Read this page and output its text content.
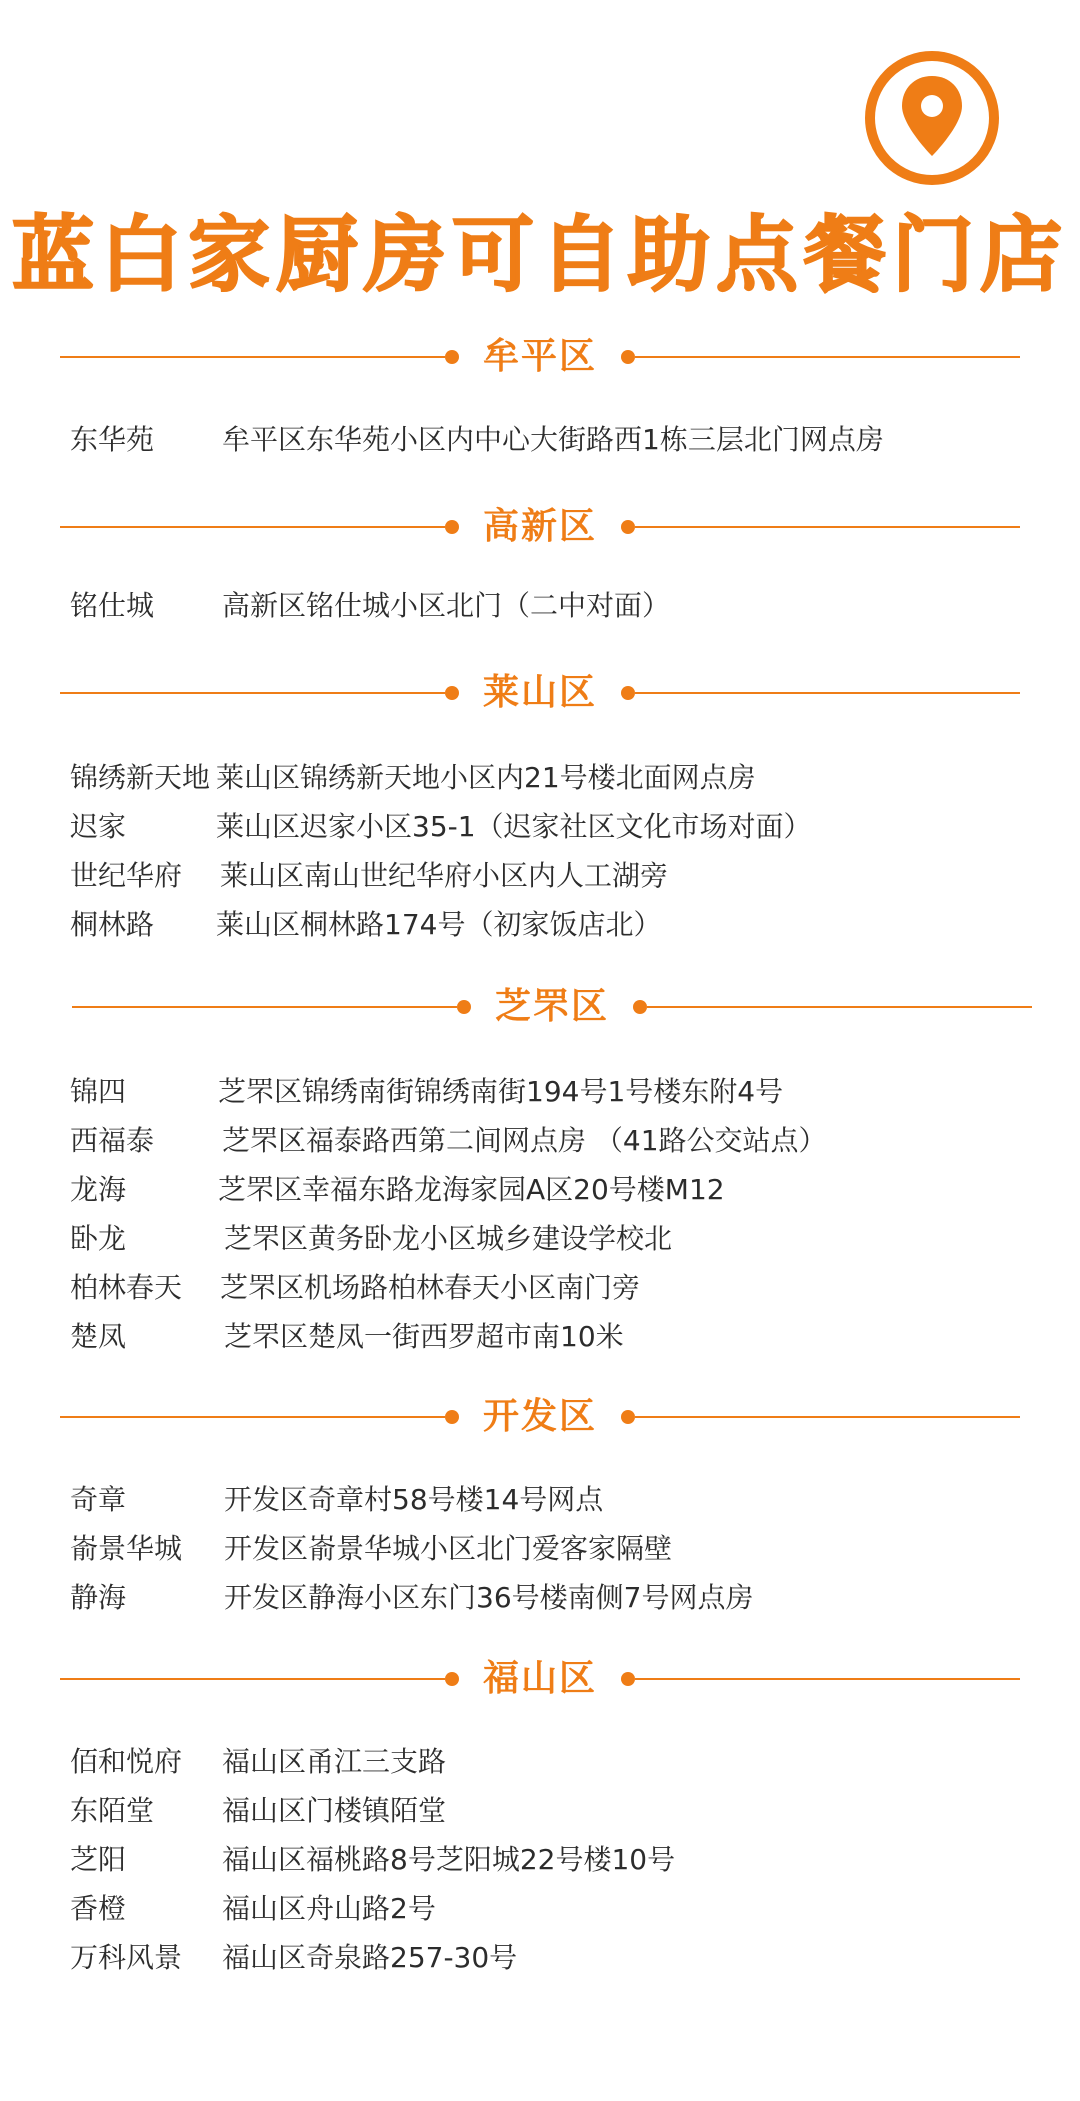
蓝白家厨房可自助点餐门店
牟平区
东华苑	牟平区东华苑小区内中心大街路西1栋三层北门网点房
高新区
铭仕城	高新区铭仕城小区北门（二中对面）
莱山区
锦绣新天地 莱山区锦绣新天地小区内21号楼北面网点房
迟家	莱山区迟家小区35-1（迟家社区文化市场对面）
世纪华府	莱山区南山世纪华府小区内人工湖旁
桐林路	莱山区桐林路174号（初家饭店北）
芝罘区
锦四	芝罘区锦绣南街锦绣南街194号1号楼东附4号
西福泰	芝罘区福泰路西第二间网点房 （41路公交站点）
龙海	芝罘区幸福东路龙海家园A区20号楼M12
卧龙	芝罘区黄务卧龙小区城乡建设学校北
柏林春天	芝罘区机场路柏林春天小区南门旁
楚凤	芝罘区楚凤一街西罗超市南10米
开发区
奇章	开发区奇章村58号楼14号网点
嵛景华城	开发区嵛景华城小区北门爱客家隔壁
静海	开发区静海小区东门36号楼南侧7号网点房
福山区
佰和悦府	福山区甬江三支路
东陌堂	福山区门楼镇陌堂
芝阳	福山区福桃路8号芝阳城22号楼10号
香橙	福山区舟山路2号
万科风景	福山区奇泉路257-30号
